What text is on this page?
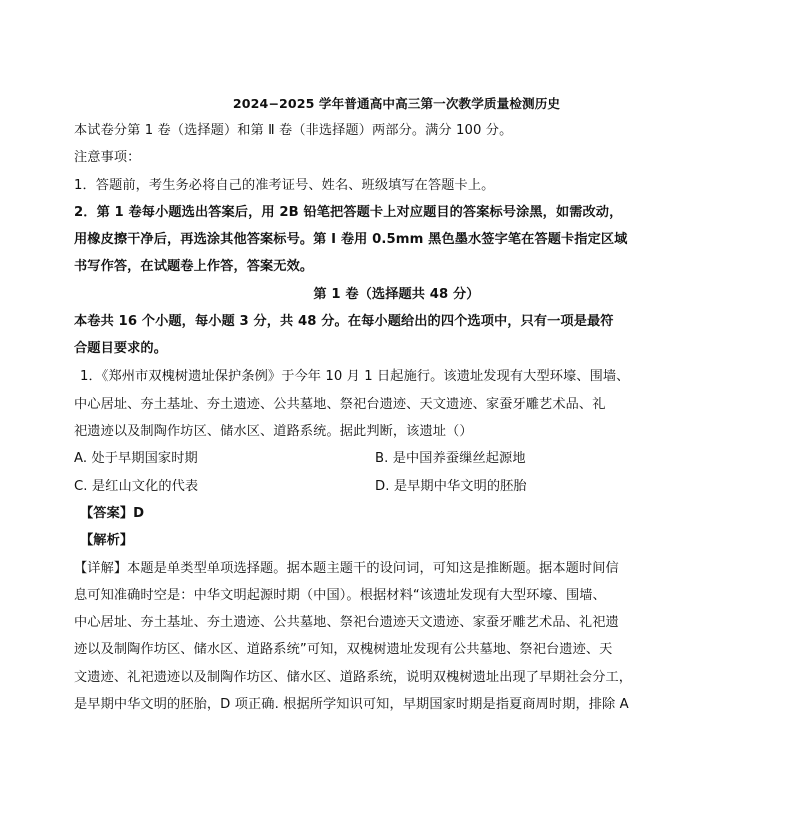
2024−2025 学年普通高中高三第一次教学质量检测历史
本试卷分第 1 卷（选择题）和第 Ⅱ 卷（非选择题）两部分。满分 100 分。
注意事项：
1．答题前，考生务必将自己的准考证号、姓名、班级填写在答题卡上。
2．第 1 卷每小题选出答案后，用 2B 铅笔把答题卡上对应题目的答案标号涂黑，如需改动，
用橡皮擦干净后，再选涂其他答案标号。第 Ⅰ 卷用 0.5mm 黑色墨水签字笔在答题卡指定区域
书写作答，在试题卷上作答，答案无效。
第 1 卷（选择题共 48 分）
本卷共 16 个小题，每小题 3 分，共 48 分。在每小题给出的四个选项中，只有一项是最符
合题目要求的。
1．《郑州市双槐树遗址保护条例》于今年 10 月 1 日起施行。该遗址发现有大型环壕、围墙、
中心居址、夯土基址、夯土遗迹、公共墓地、祭祀台遗迹、天文遗迹、家蚕牙雕艺术品、礼
祀遗迹以及制陶作坊区、储水区、道路系统。据此判断，该遗址（）
A. 处于早期国家时期	B. 是中国养蚕缫丝起源地
C. 是红山文化的代表	D. 是早期中华文明的胚胎
【答案】D
【解析】
【详解】本题是单类型单项选择题。据本题主题干的设问词，可知这是推断题。据本题时间信
息可知准确时空是：中华文明起源时期（中国）。根据材料“该遗址发现有大型环壕、围墙、
中心居址、夯土基址、夯土遗迹、公共墓地、祭祀台遗迹天文遗迹、家蚕牙雕艺术品、礼祀遗
迹以及制陶作坊区、储水区、道路系统”可知，双槐树遗址发现有公共墓地、祭祀台遗迹、天
文遗迹、礼祀遗迹以及制陶作坊区、储水区、道路系统，说明双槐树遗址出现了早期社会分工，
是早期中华文明的胚胎，D 项正确. 根据所学知识可知，早期国家时期是指夏商周时期，排除 A
